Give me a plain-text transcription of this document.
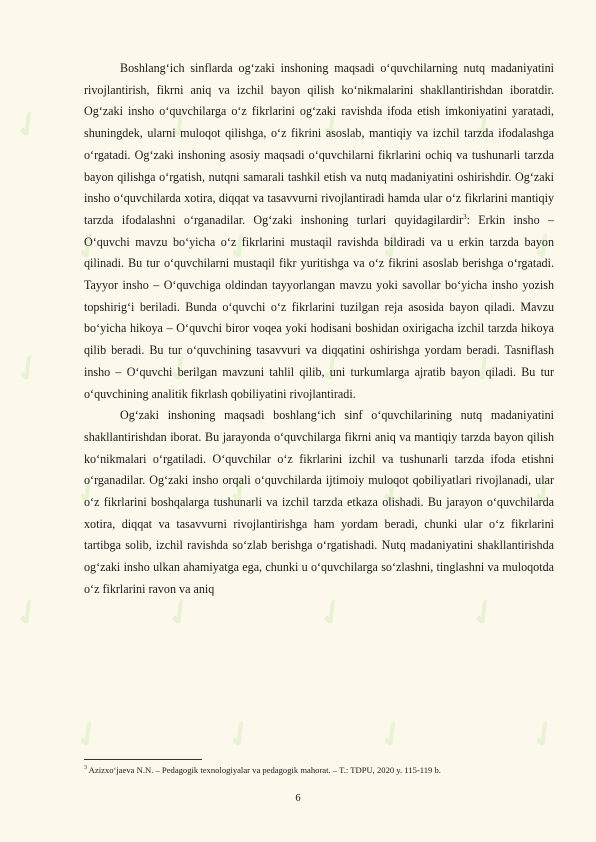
✓	✓	✓	✓
✓	✓	✓	✓
✓	✓	✓	✓
✓	✓	✓	✓
✓	✓	✓	✓
✓	✓	✓	✓

Boshlang‘ich sinflarda og‘zaki inshoning maqsadi o‘quvchilarning nutq madaniyatini rivojlantirish, fikrni aniq va izchil bayon qilish ko‘nikmalarini shakllantirishdan iboratdir. Og‘zaki insho o‘quvchilarga o‘z fikrlarini og‘zaki ravishda ifoda etish imkoniyatini yaratadi, shuningdek, ularni muloqot qilishga, o‘z fikrini asoslab, mantiqiy va izchil tarzda ifodalashga o‘rgatadi. Og‘zaki inshoning asosiy maqsadi o‘quvchilarni fikrlarini ochiq va tushunarli tarzda bayon qilishga o‘rgatish, nutqni samarali tashkil etish va nutq madaniyatini oshirishdir. Og‘zaki insho o‘quvchilarda xotira, diqqat va tasavvurni rivojlantiradi hamda ular o‘z fikrlarini mantiqiy tarzda ifodalashni o‘rganadilar. Og‘zaki inshoning turlari quyidagilardir$^3$: Erkin insho – O‘quvchi mavzu bo‘yicha o‘z fikrlarini mustaqil ravishda bildiradi va u erkin tarzda bayon qilinadi. Bu tur o‘quvchilarni mustaqil fikr yuritishga va o‘z fikrini asoslab berishga o‘rgatadi. Tayyor insho – O‘quvchiga oldindan tayyorlangan mavzu yoki savollar bo‘yicha insho yozish topshirig‘i beriladi. Bunda o‘quvchi o‘z fikrlarini tuzilgan reja asosida bayon qiladi. Mavzu bo‘yicha hikoya – O‘quvchi biror voqea yoki hodisani boshidan oxirigacha izchil tarzda hikoya qilib beradi. Bu tur o‘quvchining tasavvuri va diqqatini oshirishga yordam beradi. Tasniflash insho – O‘quvchi berilgan mavzuni tahlil qilib, uni turkumlarga ajratib bayon qiladi. Bu tur o‘quvchining analitik fikrlash qobiliyatini rivojlantiradi.

Og‘zaki inshoning maqsadi boshlang‘ich sinf o‘quvchilarining nutq madaniyatini shakllantirishdan iborat. Bu jarayonda o‘quvchilarga fikrni aniq va mantiqiy tarzda bayon qilish ko‘nikmalari o‘rgatiladi. O‘quvchilar o‘z fikrlarini izchil va tushunarli tarzda ifoda etishni o‘rganadilar. Og‘zaki insho orqali o‘quvchilarda ijtimoiy muloqot qobiliyatlari rivojlanadi, ular o‘z fikrlarini boshqalarga tushunarli va izchil tarzda etkaza olishadi. Bu jarayon o‘quvchilarda xotira, diqqat va tasavvurni rivojlantirishga ham yordam beradi, chunki ular o‘z fikrlarini tartibga solib, izchil ravishda so‘zlab berishga o‘rgatishadi. Nutq madaniyatini shakllantirishda og‘zaki insho ulkan ahamiyatga ega, chunki u o‘quvchilarga so‘zlashni, tinglashni va muloqotda o‘z fikrlarini ravon va aniq

$^3$ Azizxo‘jaeva N.N. – Pedagogik texnologiyalar va pedagogik mahorat. – T.: TDPU, 2020 y. 115-119 b.

6
